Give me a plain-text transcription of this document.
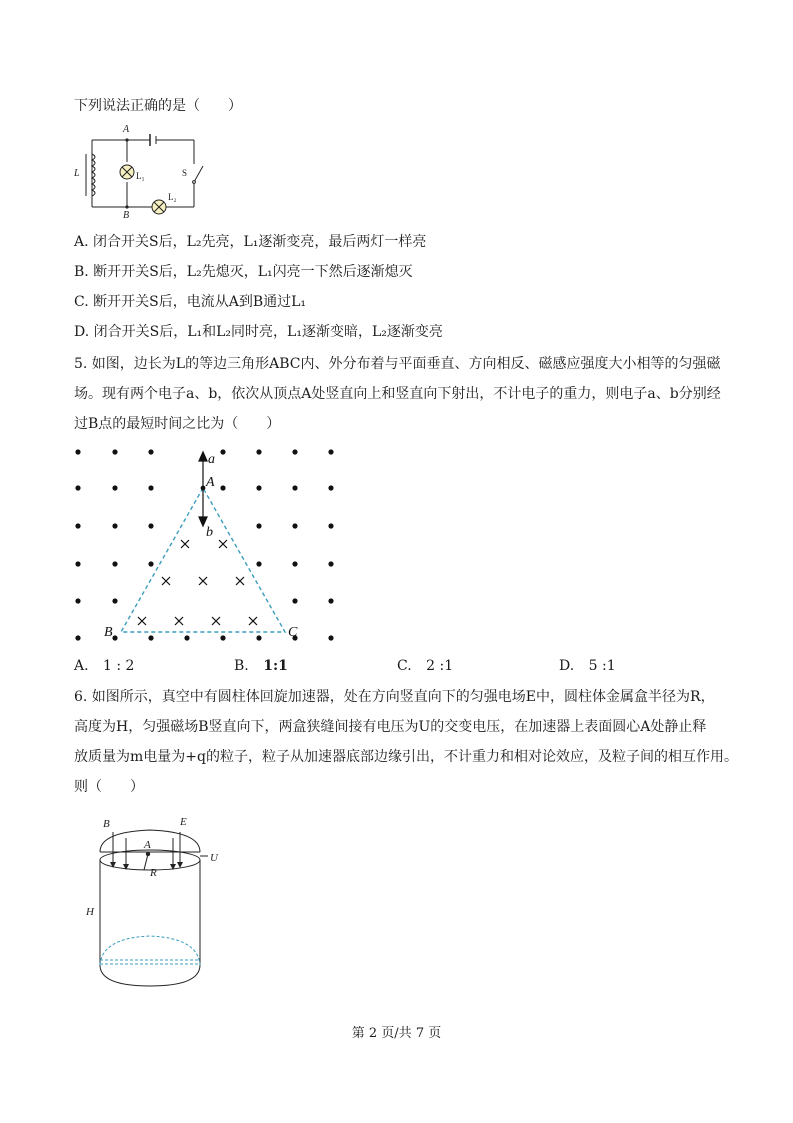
下列说法正确的是（　　）
A
B
L	L₁
L₂
S
A. 闭合开关S后，L₂先亮，L₁逐渐变亮，最后两灯一样亮
B. 断开开关S后，L₂先熄灭，L₁闪亮一下然后逐渐熄灭
C. 断开开关S后，电流从A到B通过L₁
D. 闭合开关S后，L₁和L₂同时亮，L₁逐渐变暗，L₂逐渐变亮
5. 如图，边长为L的等边三角形ABC内、外分布着与平面垂直、方向相反、磁感应强度大小相等的匀强磁
场。现有两个电子a、b，依次从顶点A处竖直向上和竖直向下射出，不计电子的重力，则电子a、b分别经
过B点的最短时间之比为（　　）
a
A
b
B	C
A. 1 : 2	B. 1:1	C. 2 :1	D. 5 :1
6. 如图所示，真空中有圆柱体回旋加速器，处在方向竖直向下的匀强电场E中，圆柱体金属盒半径为R，
高度为H，匀强磁场B竖直向下，两盒狭缝间接有电压为U的交变电压，在加速器上表面圆心A处静止释
放质量为m电量为+q的粒子，粒子从加速器底部边缘引出，不计重力和相对论效应，及粒子间的相互作用。
则（　　）
B	E
A
R
U
H
第 2 页/共 7 页
